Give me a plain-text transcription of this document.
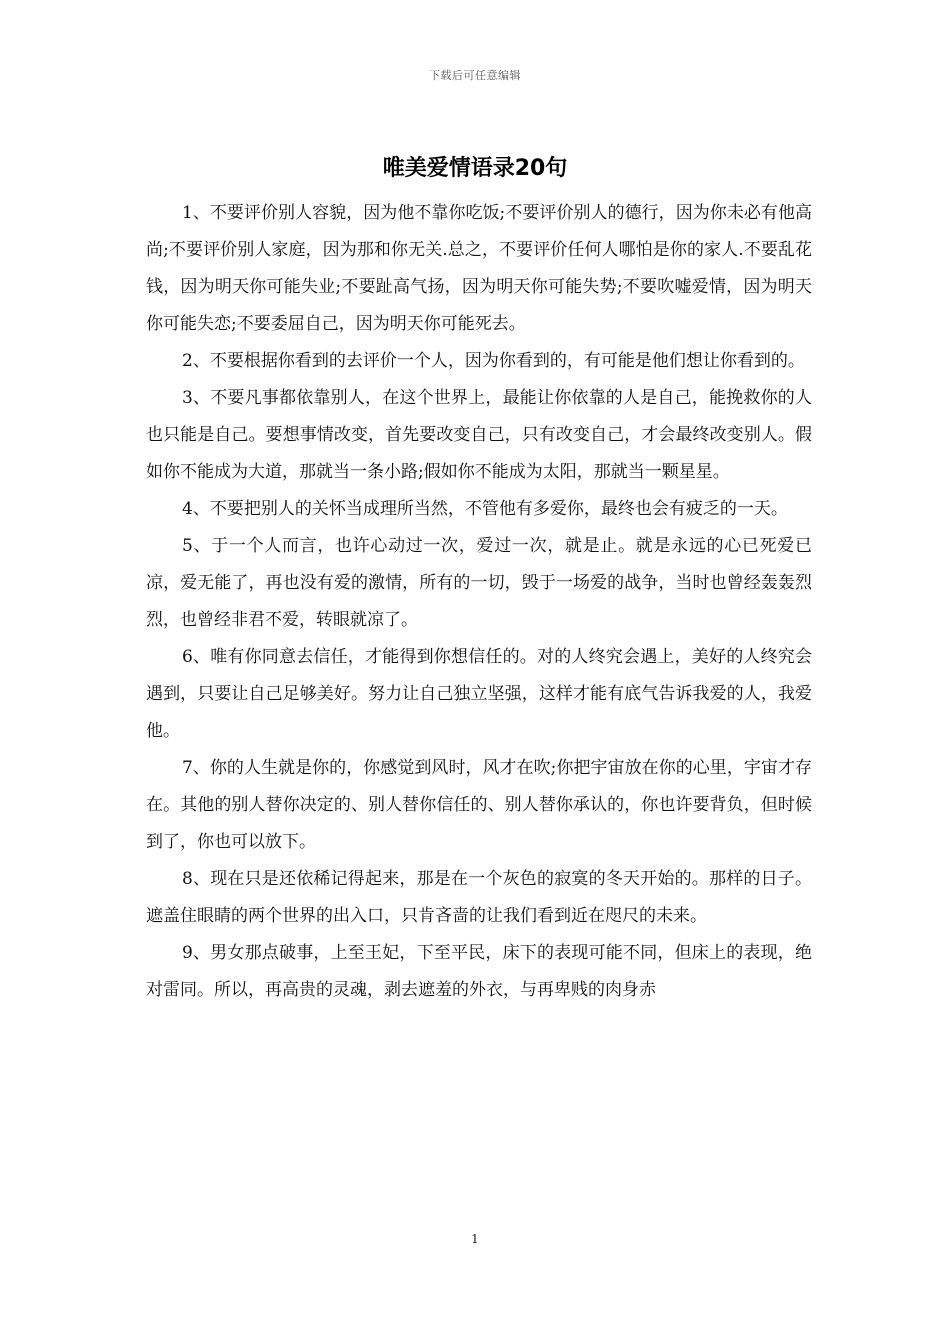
下载后可任意编辑
唯美爱情语录20句

1、不要评价别人容貌，因为他不靠你吃饭;不要评价别人的德行，因为你未必有他高尚;不要评价别人家庭，因为那和你无关.总之，不要评价任何人哪怕是你的家人.不要乱花钱，因为明天你可能失业;不要趾高气扬，因为明天你可能失势;不要吹嘘爱情，因为明天你可能失恋;不要委屈自己，因为明天你可能死去。

2、不要根据你看到的去评价一个人，因为你看到的，有可能是他们想让你看到的。

3、不要凡事都依靠别人，在这个世界上，最能让你依靠的人是自己，能挽救你的人也只能是自己。要想事情改变，首先要改变自己，只有改变自己，才会最终改变别人。假如你不能成为大道，那就当一条小路;假如你不能成为太阳，那就当一颗星星。

4、不要把别人的关怀当成理所当然，不管他有多爱你，最终也会有疲乏的一天。

5、于一个人而言，也许心动过一次，爱过一次，就是止。就是永远的心已死爱已凉，爱无能了，再也没有爱的激情，所有的一切，毁于一场爱的战争，当时也曾经轰轰烈烈，也曾经非君不爱，转眼就凉了。

6、唯有你同意去信任，才能得到你想信任的。对的人终究会遇上，美好的人终究会遇到，只要让自己足够美好。努力让自己独立坚强，这样才能有底气告诉我爱的人，我爱他。

7、你的人生就是你的，你感觉到风时，风才在吹;你把宇宙放在你的心里，宇宙才存在。其他的别人替你决定的、别人替你信任的、别人替你承认的，你也许要背负，但时候到了，你也可以放下。

8、现在只是还依稀记得起来，那是在一个灰色的寂寞的冬天开始的。那样的日子。遮盖住眼睛的两个世界的出入口，只肯吝啬的让我们看到近在咫尺的未来。

9、男女那点破事，上至王妃，下至平民，床下的表现可能不同，但床上的表现，绝对雷同。所以，再高贵的灵魂，剥去遮羞的外衣，与再卑贱的肉身赤

1
